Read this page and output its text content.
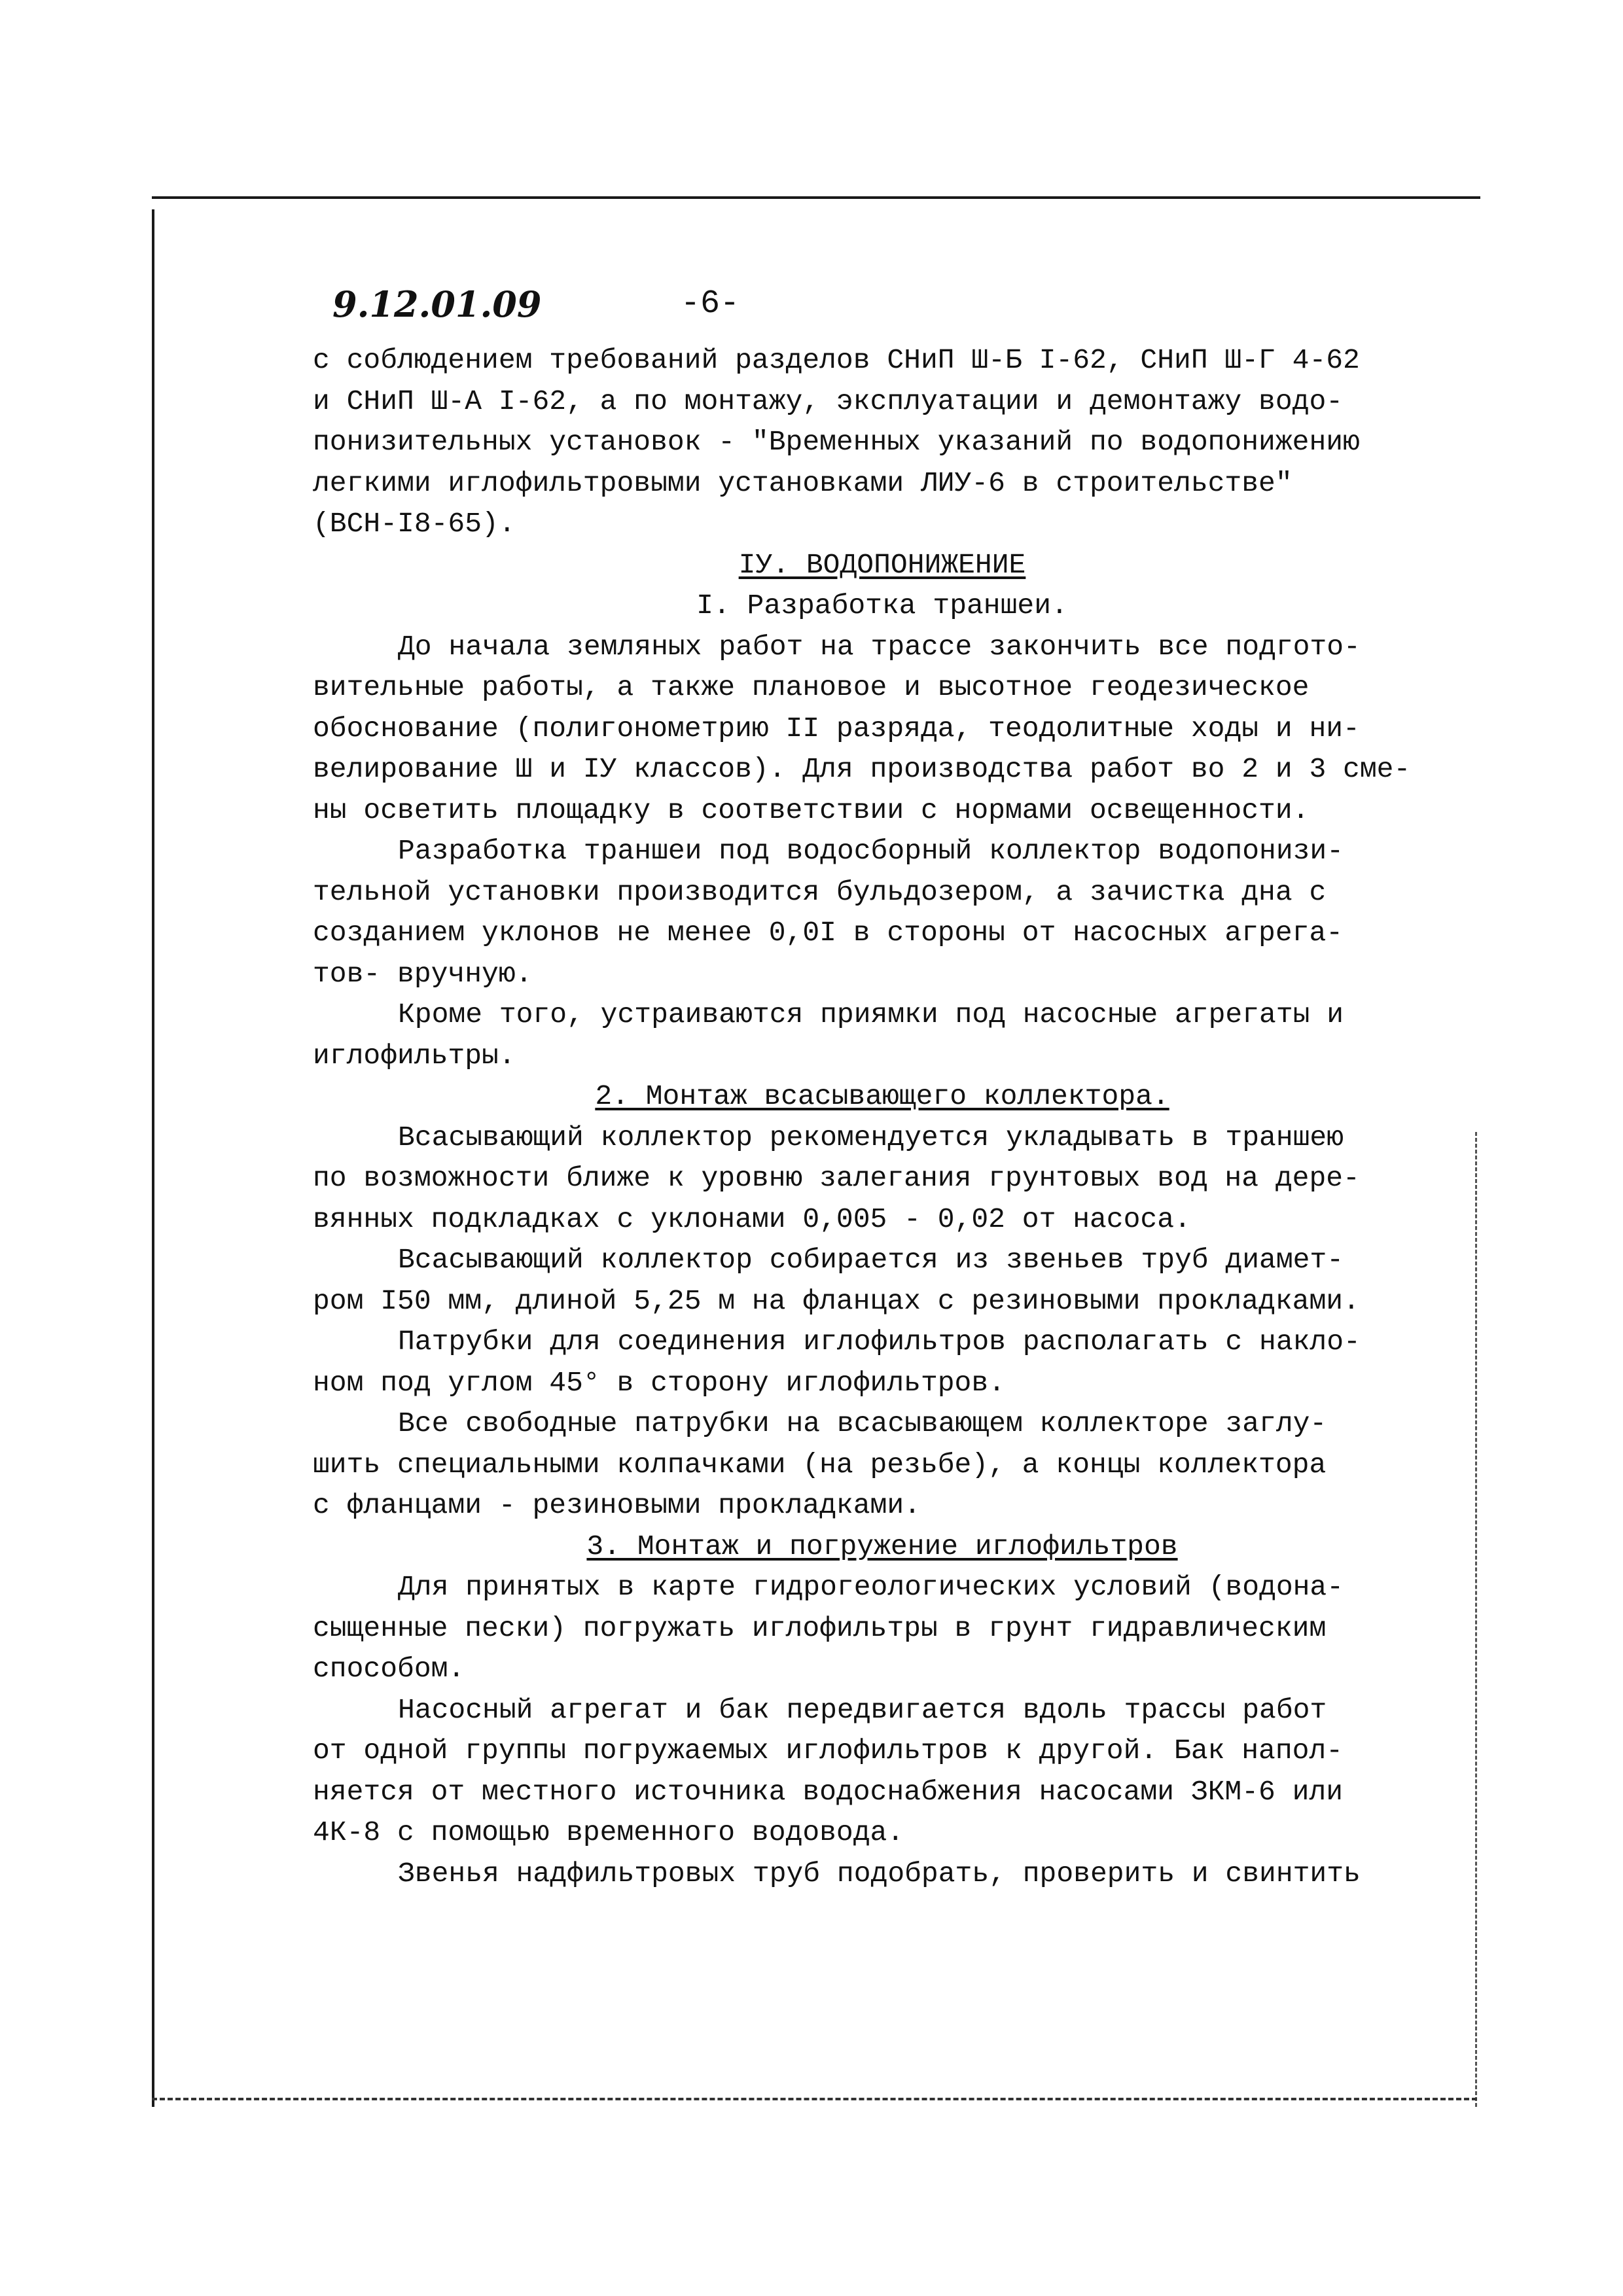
9.12.01.09	-6-
с соблюдением требований разделов СНиП Ш-Б I-62, СНиП Ш-Г 4-62
и СНиП Ш-А I-62, а по монтажу, эксплуатации и демонтажу водо-
понизительных установок - "Временных указаний по водопонижению
легкими иглофильтровыми установками ЛИУ-6 в строительстве"
(ВСН-I8-65).
IУ. ВОДОПОНИЖЕНИЕ
I. Разработка траншеи.
До начала земляных работ на трассе закончить все подгото-
вительные работы, а также плановое и высотное геодезическое
обоснование (полигонометрию II разряда, теодолитные ходы и ни-
велирование Ш и IУ классов). Для производства работ во 2 и 3 сме-
ны осветить площадку в соответствии с нормами освещенности.
Разработка траншеи под водосборный коллектор водопонизи-
тельной установки производится бульдозером, а зачистка дна с
созданием уклонов не менее 0,0I в стороны от насосных агрега-
тов- вручную.
Кроме того, устраиваются приямки под насосные агрегаты и
иглофильтры.
2. Монтаж всасывающего коллектора.
Всасывающий коллектор рекомендуется укладывать в траншею
по возможности ближе к уровню залегания грунтовых вод на дере-
вянных подкладках с уклонами 0,005 - 0,02 от насоса.
Всасывающий коллектор собирается из звеньев труб диамет-
ром I50 мм, длиной 5,25 м на фланцах с резиновыми прокладками.
Патрубки для соединения иглофильтров располагать с накло-
ном под углом 45° в сторону иглофильтров.
Все свободные патрубки на всасывающем коллекторе заглу-
шить специальными колпачками (на резьбе), а концы коллектора
с фланцами - резиновыми прокладками.
3. Монтаж и погружение иглофильтров
Для принятых в карте гидрогеологических условий (водона-
сыщенные пески) погружать иглофильтры в грунт гидравлическим
способом.
Насосный агрегат и бак передвигается вдоль трассы работ
от одной группы погружаемых иглофильтров к другой. Бак напол-
няется от местного источника водоснабжения насосами ЗКМ-6 или
4К-8 с помощью временного водовода.
Звенья надфильтровых труб подобрать, проверить и свинтить
